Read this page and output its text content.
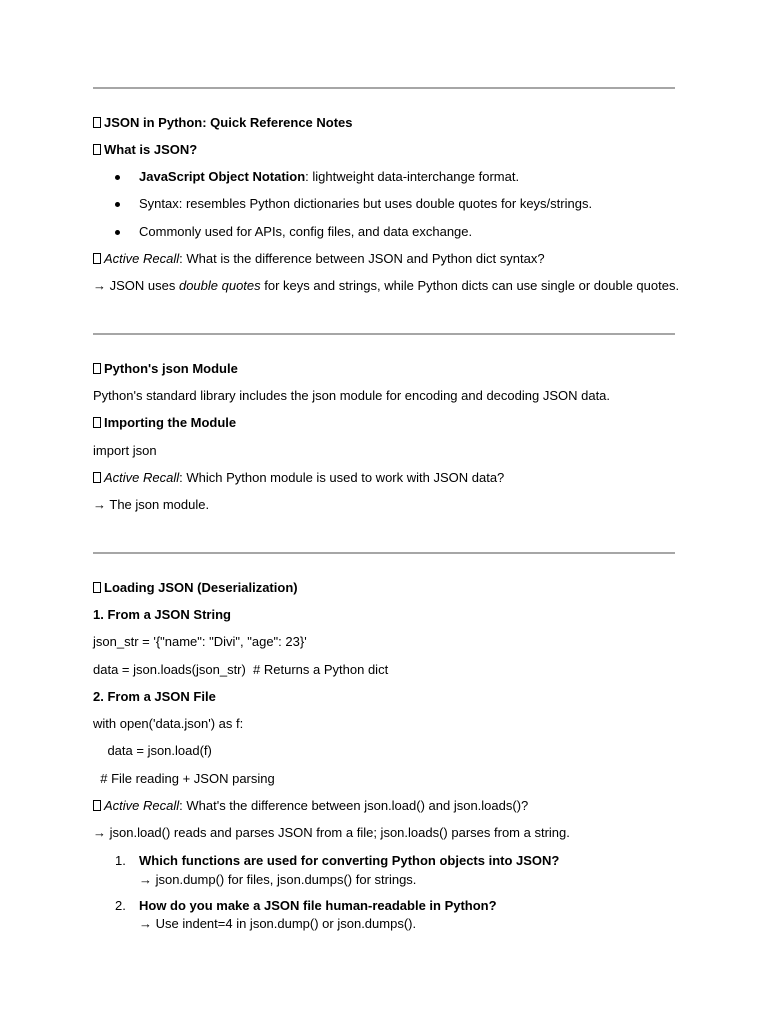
JSON in Python: Quick Reference Notes
What is JSON?
JavaScript Object Notation: lightweight data-interchange format.
Syntax: resembles Python dictionaries but uses double quotes for keys/strings.
Commonly used for APIs, config files, and data exchange.
Active Recall: What is the difference between JSON and Python dict syntax?
→ JSON uses double quotes for keys and strings, while Python dicts can use single or double quotes.
Python's json Module
Python's standard library includes the json module for encoding and decoding JSON data.
Importing the Module
import json
Active Recall: Which Python module is used to work with JSON data?
→ The json module.
Loading JSON (Deserialization)
1. From a JSON String
json_str = '{"name": "Divi", "age": 23}'
data = json.loads(json_str)  # Returns a Python dict
2. From a JSON File
with open('data.json') as f:
data = json.load(f)
# File reading + JSON parsing
Active Recall: What's the difference between json.load() and json.loads()?
→ json.load() reads and parses JSON from a file; json.loads() parses from a string.
1. Which functions are used for converting Python objects into JSON?
→ json.dump() for files, json.dumps() for strings.
2. How do you make a JSON file human-readable in Python?
→ Use indent=4 in json.dump() or json.dumps().
